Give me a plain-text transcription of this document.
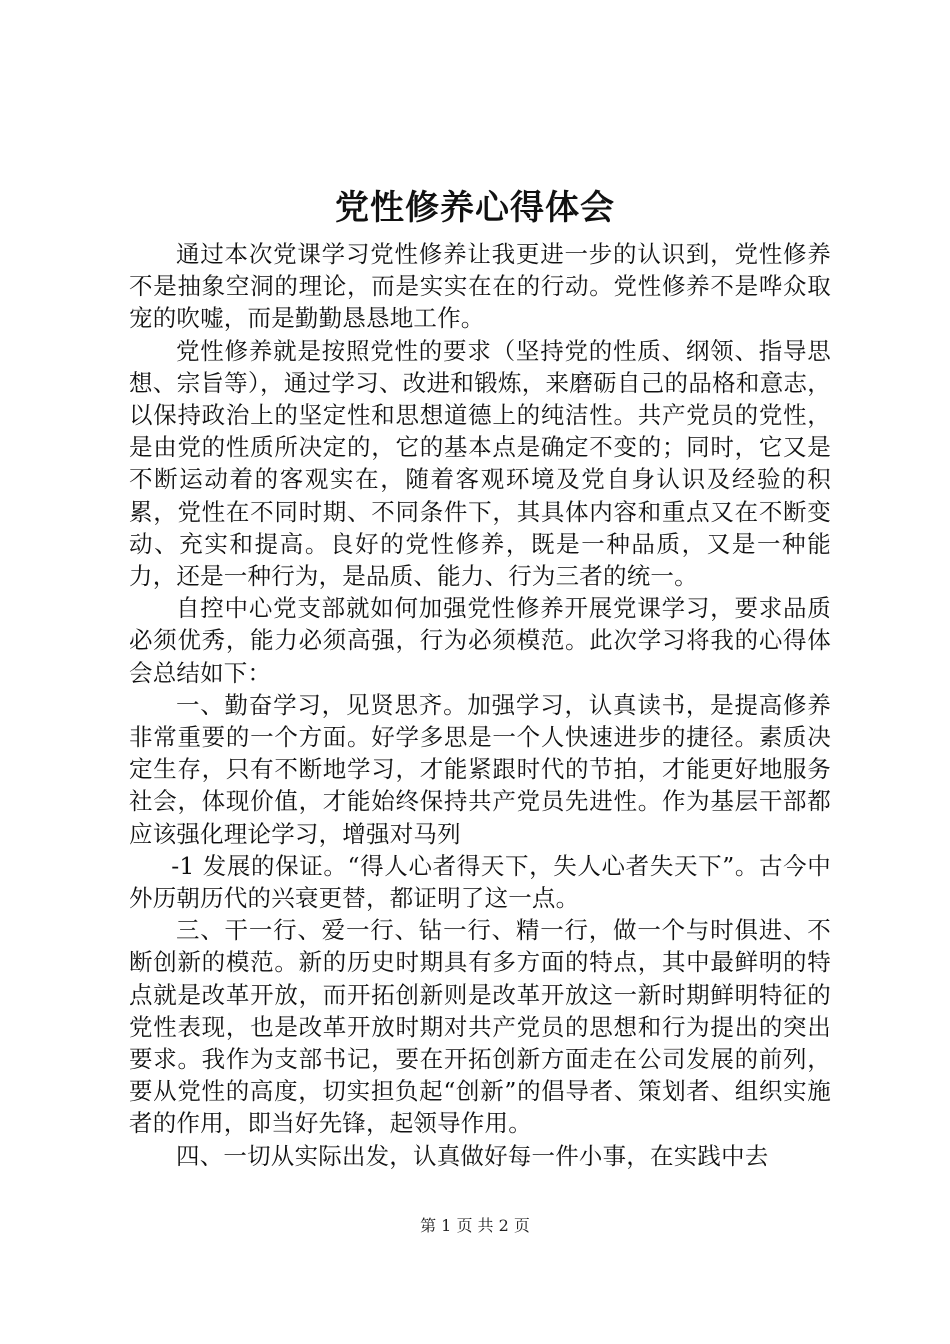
党性修养心得体会

通过本次党课学习党性修养让我更进一步的认识到，党性修养不是抽象空洞的理论，而是实实在在的行动。党性修养不是哗众取宠的吹嘘，而是勤勤恳恳地工作。

党性修养就是按照党性的要求（坚持党的性质、纲领、指导思想、宗旨等），通过学习、改进和锻炼，来磨砺自己的品格和意志，以保持政治上的坚定性和思想道德上的纯洁性。共产党员的党性，是由党的性质所决定的，它的基本点是确定不变的；同时，它又是不断运动着的客观实在，随着客观环境及党自身认识及经验的积累，党性在不同时期、不同条件下，其具体内容和重点又在不断变动、充实和提高。良好的党性修养，既是一种品质，又是一种能力，还是一种行为，是品质、能力、行为三者的统一。

自控中心党支部就如何加强党性修养开展党课学习，要求品质必须优秀，能力必须高强，行为必须模范。此次学习将我的心得体会总结如下：

一、勤奋学习，见贤思齐。加强学习，认真读书，是提高修养非常重要的一个方面。好学多思是一个人快速进步的捷径。素质决定生存，只有不断地学习，才能紧跟时代的节拍，才能更好地服务社会，体现价值，才能始终保持共产党员先进性。作为基层干部都应该强化理论学习，增强对马列

-1 发展的保证。“得人心者得天下，失人心者失天下”。古今中外历朝历代的兴衰更替，都证明了这一点。

三、干一行、爱一行、钻一行、精一行，做一个与时俱进、不断创新的模范。新的历史时期具有多方面的特点，其中最鲜明的特点就是改革开放，而开拓创新则是改革开放这一新时期鲜明特征的党性表现，也是改革开放时期对共产党员的思想和行为提出的突出要求。我作为支部书记，要在开拓创新方面走在公司发展的前列，要从党性的高度，切实担负起“创新”的倡导者、策划者、组织实施者的作用，即当好先锋，起领导作用。

四、一切从实际出发，认真做好每一件小事，在实践中去

第 1 页 共 2 页
